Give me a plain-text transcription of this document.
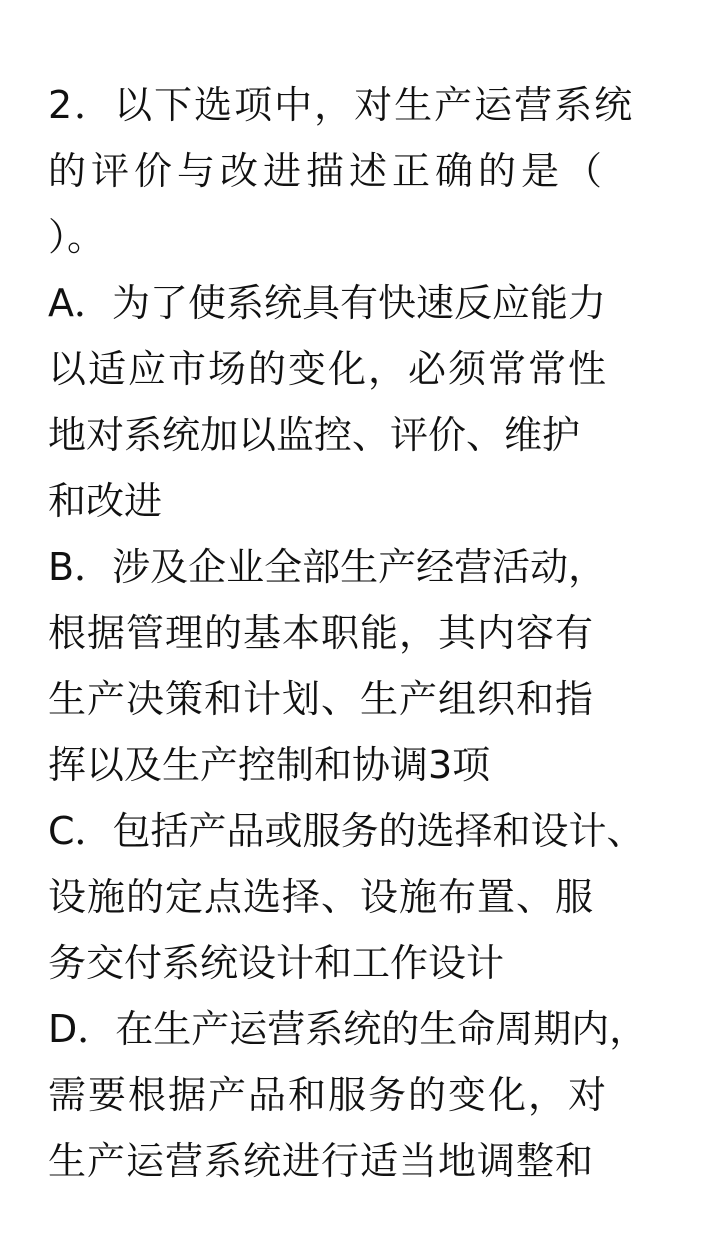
2．以下选项中，对生产运营系统
的评价与改进描述正确的是（
）。
A．为了使系统具有快速反应能力
以适应市场的变化，必须常常性
地对系统加以监控、评价、维护
和改进
B．涉及企业全部生产经营活动，
根据管理的基本职能，其内容有
生产决策和计划、生产组织和指
挥以及生产控制和协调3项
C．包括产品或服务的选择和设计、
设施的定点选择、设施布置、服
务交付系统设计和工作设计
D．在生产运营系统的生命周期内，
需要根据产品和服务的变化，对
生产运营系统进行适当地调整和
